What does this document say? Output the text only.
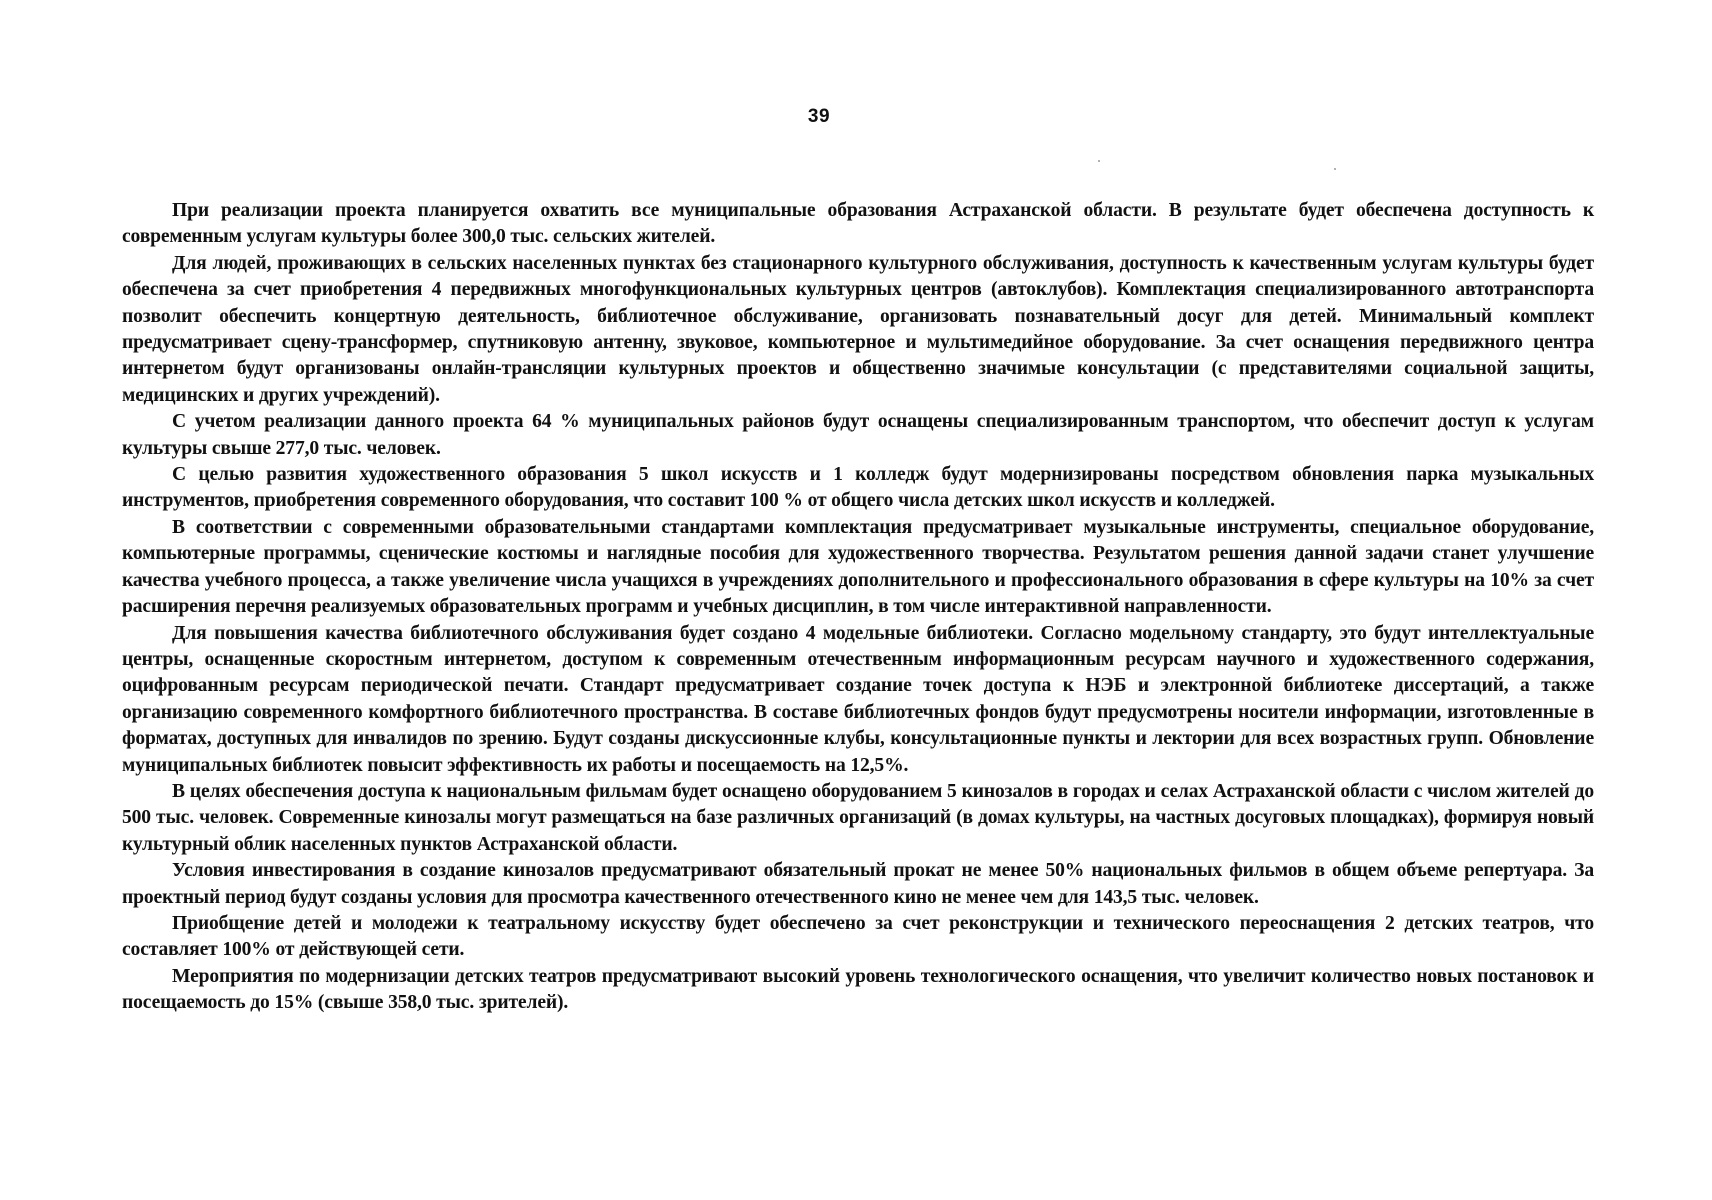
39

При реализации проекта планируется охватить все муниципальные образования Астраханской области. В результате будет обеспечена доступность к современным услугам культуры более 300,0 тыс. сельских жителей.

Для людей, проживающих в сельских населенных пунктах без стационарного культурного обслуживания, доступность к качественным услугам культуры будет обеспечена за счет приобретения 4 передвижных многофункциональных культурных центров (автоклубов). Комплектация специализированного автотранспорта позволит обеспечить концертную деятельность, библиотечное обслуживание, организовать познавательный досуг для детей. Минимальный комплект предусматривает сцену-трансформер, спутниковую антенну, звуковое, компьютерное и мультимедийное оборудование. За счет оснащения передвижного центра интернетом будут организованы онлайн-трансляции культурных проектов и общественно значимые консультации (с представителями социальной защиты, медицинских и других учреждений).

С учетом реализации данного проекта 64 % муниципальных районов будут оснащены специализированным транспортом, что обеспечит доступ к услугам культуры свыше 277,0 тыс. человек.

С целью развития художественного образования 5 школ искусств и 1 колледж будут модернизированы посредством обновления парка музыкальных инструментов, приобретения современного оборудования, что составит 100 % от общего числа детских школ искусств и колледжей.

В соответствии с современными образовательными стандартами комплектация предусматривает музыкальные инструменты, специальное оборудование, компьютерные программы, сценические костюмы и наглядные пособия для художественного творчества. Результатом решения данной задачи станет улучшение качества учебного процесса, а также увеличение числа учащихся в учреждениях дополнительного и профессионального образования в сфере культуры на 10% за счет расширения перечня реализуемых образовательных программ и учебных дисциплин, в том числе интерактивной направленности.

Для повышения качества библиотечного обслуживания будет создано 4 модельные библиотеки. Согласно модельному стандарту, это будут интеллектуальные центры, оснащенные скоростным интернетом, доступом к современным отечественным информационным ресурсам научного и художественного содержания, оцифрованным ресурсам периодической печати. Стандарт предусматривает создание точек доступа к НЭБ и электронной библиотеке диссертаций, а также организацию современного комфортного библиотечного пространства. В составе библиотечных фондов будут предусмотрены носители информации, изготовленные в форматах, доступных для инвалидов по зрению. Будут созданы дискуссионные клубы, консультационные пункты и лектории для всех возрастных групп. Обновление муниципальных библиотек повысит эффективность их работы и посещаемость на 12,5%.

В целях обеспечения доступа к национальным фильмам будет оснащено оборудованием 5 кинозалов в городах и селах Астраханской области с числом жителей до 500 тыс. человек. Современные кинозалы могут размещаться на базе различных организаций (в домах культуры, на частных досуговых площадках), формируя новый культурный облик населенных пунктов Астраханской области.

Условия инвестирования в создание кинозалов предусматривают обязательный прокат не менее 50% национальных фильмов в общем объеме репертуара. За проектный период будут созданы условия для просмотра качественного отечественного кино не менее чем для 143,5 тыс. человек.

Приобщение детей и молодежи к театральному искусству будет обеспечено за счет реконструкции и технического переоснащения 2 детских театров, что составляет 100% от действующей сети.

Мероприятия по модернизации детских театров предусматривают высокий уровень технологического оснащения, что увеличит количество новых постановок и посещаемость до 15% (свыше 358,0 тыс. зрителей).
